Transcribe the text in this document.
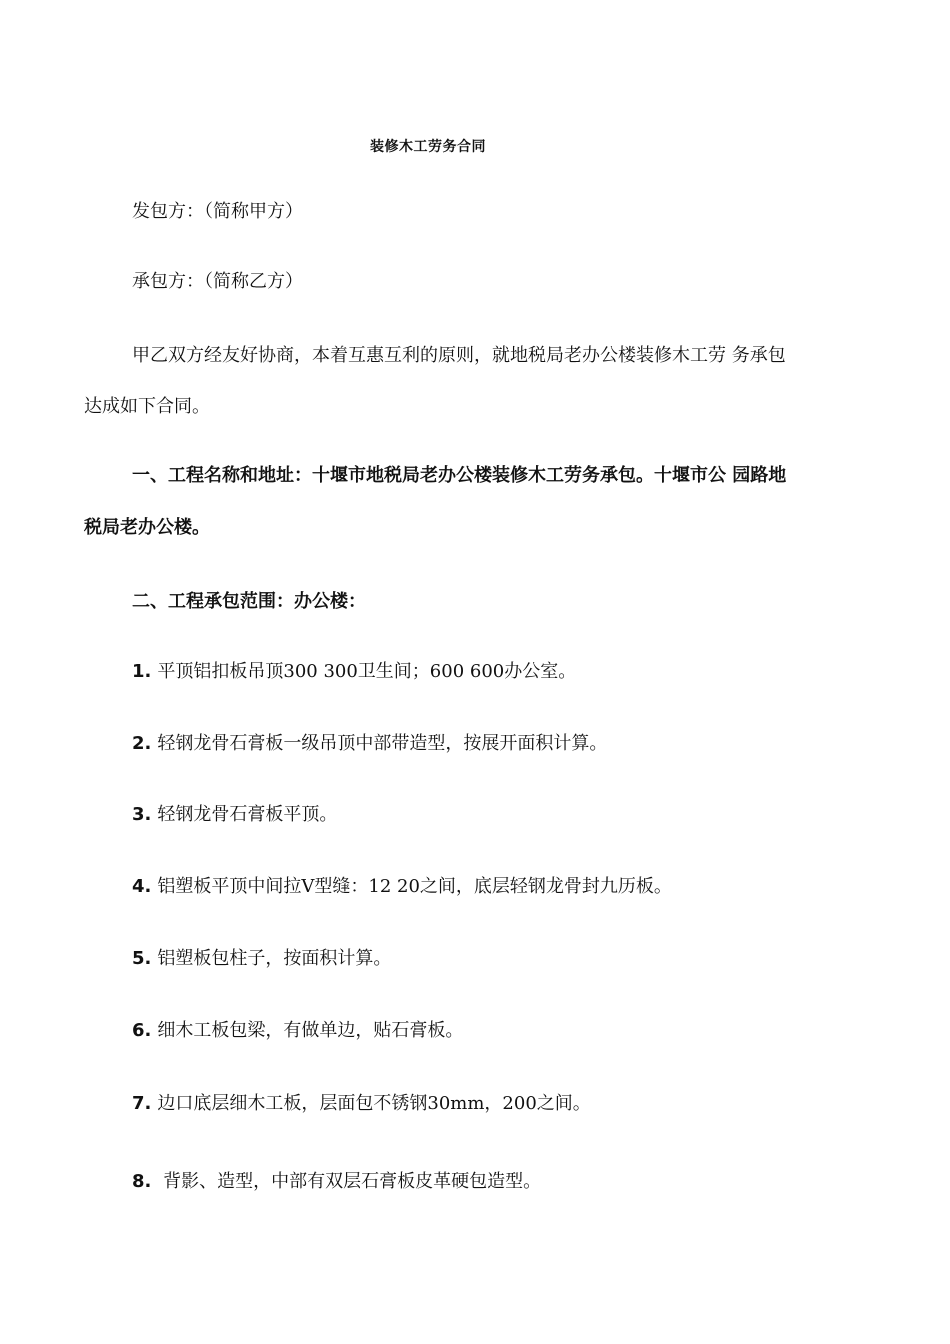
装修木工劳务合同
发包方：（简称甲方）
承包方：（简称乙方）
甲乙双方经友好协商，本着互惠互利的原则，就地税局老办公楼装修木工劳 务承包
达成如下合同。
一、工程名称和地址：十堰市地税局老办公楼装修木工劳务承包。十堰市公 园路地
税局老办公楼。
二、工程承包范围：办公楼：
1. 平顶铝扣板吊顶300 300卫生间；600 600办公室。
2. 轻钢龙骨石膏板一级吊顶中部带造型，按展开面积计算。
3. 轻钢龙骨石膏板平顶。
4. 铝塑板平顶中间拉V型缝：12 20之间，底层轻钢龙骨封九历板。
5. 铝塑板包柱子，按面积计算。
6. 细木工板包梁，有做单边，贴石膏板。
7. 边口底层细木工板，层面包不锈钢30mm，200之间。
8. 背影、造型，中部有双层石膏板皮革硬包造型。
